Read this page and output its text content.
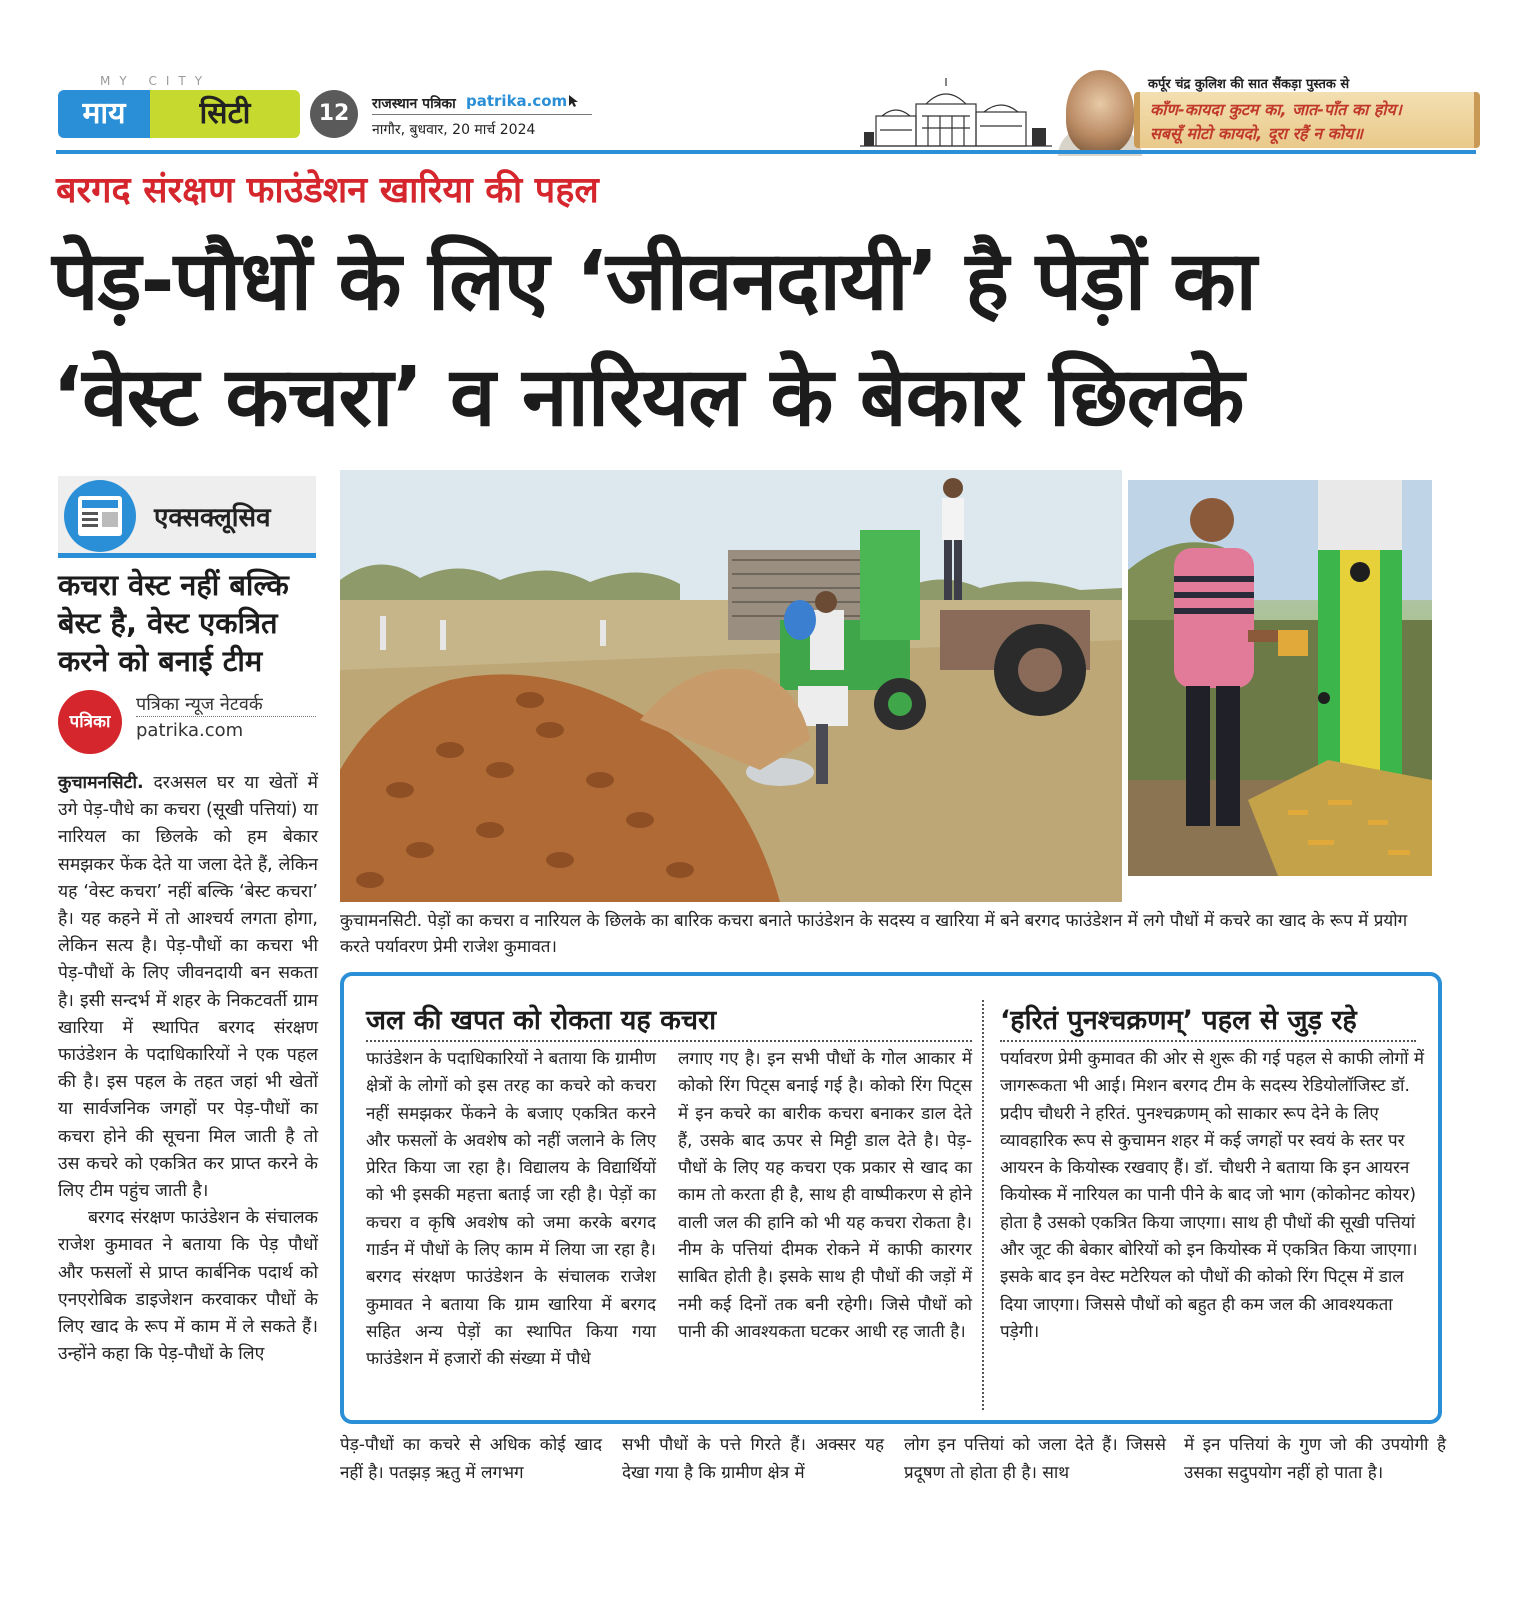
MY CITY
माय	सिटी	12	राजस्थान पत्रिका patrika.com
नागौर, बुधवार, 20 मार्च 2024
कर्पूर चंद्र कुलिश की सात सैंकड़ा पुस्तक से
काँण-कायदा कुटम का, जात-पाँत का होय।
सबसूँ मोटो कायदो, दूरा रहैं न कोय॥
बरगद संरक्षण फाउंडेशन खारिया की पहल
पेड़-पौधों के लिए ‘जीवनदायी’ है पेड़ों का
‘वेस्ट कचरा’ व नारियल के बेकार छिलके
एक्सक्लूसिव
कचरा वेस्ट नहीं बल्कि बेस्ट है, वेस्ट एकत्रित करने को बनाई टीम
पत्रिका
पत्रिका न्यूज नेटवर्क
patrika.com

कुचामनसिटी. दरअसल घर या खेतों में उगे पेड़-पौधे का कचरा (सूखी पत्तियां) या नारियल का छिलके को हम बेकार समझकर फेंक देते या जला देते हैं, लेकिन यह ‘वेस्ट कचरा’ नहीं बल्कि ‘बेस्ट कचरा’ है। यह कहने में तो आश्चर्य लगता होगा, लेकिन सत्य है। पेड़-पौधों का कचरा भी पेड़-पौधों के लिए जीवनदायी बन सकता है। इसी सन्दर्भ में शहर के निकटवर्ती ग्राम खारिया में स्थापित बरगद संरक्षण फाउंडेशन के पदाधिकारियों ने एक पहल की है। इस पहल के तहत जहां भी खेतों या सार्वजनिक जगहों पर पेड़-पौधों का कचरा होने की सूचना मिल जाती है तो उस कचरे को एकत्रित कर प्राप्त करने के लिए टीम पहुंच जाती है।

बरगद संरक्षण फाउंडेशन के संचालक राजेश कुमावत ने बताया कि पेड़ पौधों और फसलों से प्राप्त कार्बनिक पदार्थ को एनएरोबिक डाइजेशन करवाकर पौधों के लिए खाद के रूप में काम में ले सकते हैं। उन्होंने कहा कि पेड़-पौधों के लिए

कुचामनसिटी. पेड़ों का कचरा व नारियल के छिलके का बारिक कचरा बनाते फाउंडेशन के सदस्य व खारिया में बने बरगद फाउंडेशन में लगे पौधों में कचरे का खाद के रूप में प्रयोग करते पर्यावरण प्रेमी राजेश कुमावत।
जल की खपत को रोकता यह कचरा
फाउंडेशन के पदाधिकारियों ने बताया कि ग्रामीण क्षेत्रों के लोगों को इस तरह का कचरे को कचरा नहीं समझकर फेंकने के बजाए एकत्रित करने और फसलों के अवशेष को नहीं जलाने के लिए प्रेरित किया जा रहा है। विद्यालय के विद्यार्थियों को भी इसकी महत्ता बताई जा रही है। पेड़ों का कचरा व कृषि अवशेष को जमा करके बरगद गार्डन में पौधों के लिए काम में लिया जा रहा है। बरगद संरक्षण फाउंडेशन के संचालक राजेश कुमावत ने बताया कि ग्राम खारिया में बरगद सहित अन्य पेड़ों का स्थापित किया गया फाउंडेशन में हजारों की संख्या में पौधे
लगाए गए है। इन सभी पौधों के गोल आकार में कोको रिंग पिट्स बनाई गई है। कोको रिंग पिट्स में इन कचरे का बारीक कचरा बनाकर डाल देते हैं, उसके बाद ऊपर से मिट्टी डाल देते है। पेड़-पौधों के लिए यह कचरा एक प्रकार से खाद का काम तो करता ही है, साथ ही वाष्पीकरण से होने वाली जल की हानि को भी यह कचरा रोकता है। नीम के पत्तियां दीमक रोकने में काफी कारगर साबित होती है। इसके साथ ही पौधों की जड़ों में नमी कई दिनों तक बनी रहेगी। जिसे पौधों को पानी की आवश्यकता घटकर आधी रह जाती है।
‘हरितं पुनश्चक्रणम्’ पहल से जुड़ रहे
पर्यावरण प्रेमी कुमावत की ओर से शुरू की गई पहल से काफी लोगों में जागरूकता भी आई। मिशन बरगद टीम के सदस्य रेडियोलॉजिस्ट डॉ. प्रदीप चौधरी ने हरितं. पुनश्चक्रणम् को साकार रूप देने के लिए व्यावहारिक रूप से कुचामन शहर में कई जगहों पर स्वयं के स्तर पर आयरन के कियोस्क रखवाए हैं। डॉ. चौधरी ने बताया कि इन आयरन कियोस्क में नारियल का पानी पीने के बाद जो भाग (कोकोनट कोयर) होता है उसको एकत्रित किया जाएगा। साथ ही पौधों की सूखी पत्तियां और जूट की बेकार बोरियों को इन कियोस्क में एकत्रित किया जाएगा। इसके बाद इन वेस्ट मटेरियल को पौधों की कोको रिंग पिट्स में डाल दिया जाएगा। जिससे पौधों को बहुत ही कम जल की आवश्यकता पड़ेगी।
पेड़-पौधों का कचरे से अधिक कोई खाद नहीं है। पतझड़ ऋतु में लगभग
सभी पौधों के पत्ते गिरते हैं। अक्सर यह देखा गया है कि ग्रामीण क्षेत्र में
लोग इन पत्तियां को जला देते हैं। जिससे प्रदूषण तो होता ही है। साथ
में इन पत्तियां के गुण जो की उपयोगी है उसका सदुपयोग नहीं हो पाता है।
